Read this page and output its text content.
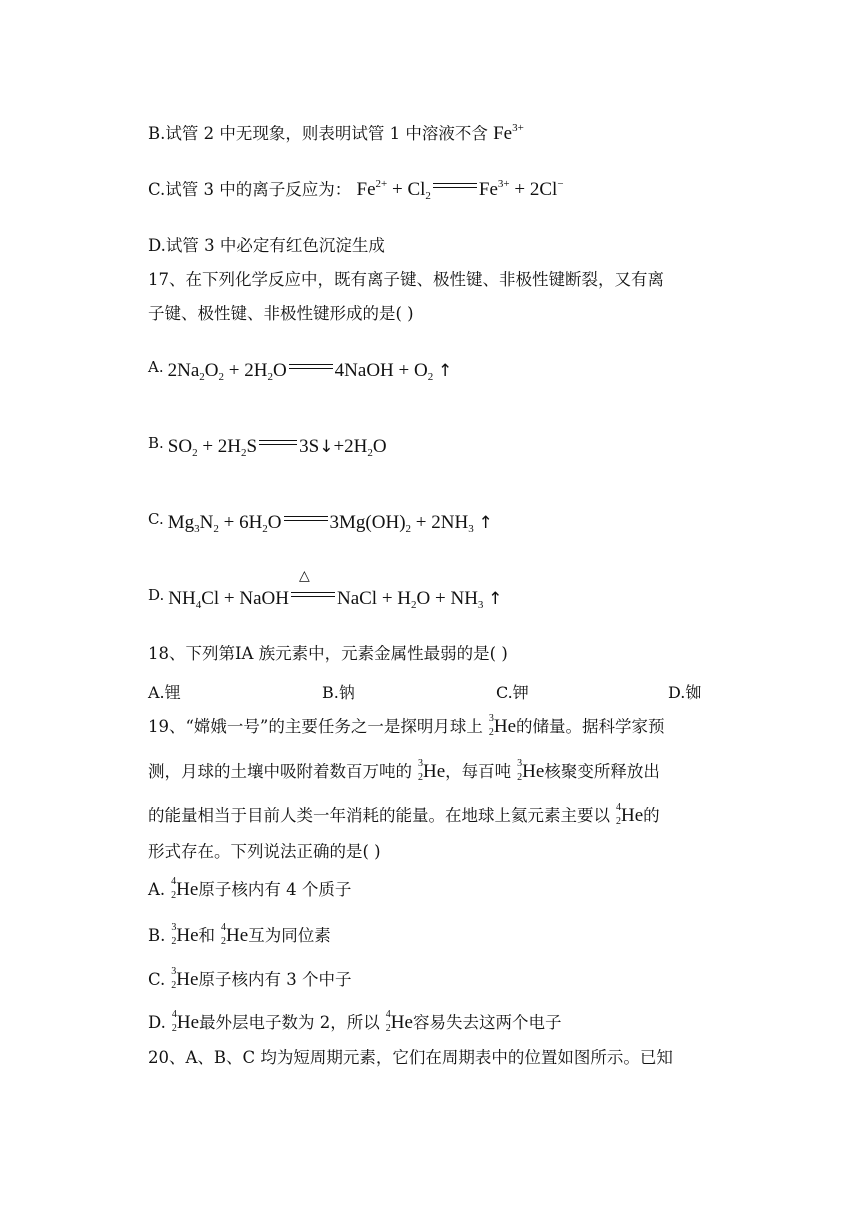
B.试管 2 中无现象，则表明试管 1 中溶液不含 $Fe^{3+}$
C.试管 3 中的离子反应为： $Fe^{2+} + Cl_2$	$Fe^{3+} + 2Cl^-$
D.试管 3 中必定有红色沉淀生成
17、在下列化学反应中，既有离子键、极性键、非极性键断裂，又有离
子键、极性键、非极性键形成的是( )
A. $2Na_2O_2 + 2H_2O$	4NaOH + $O_2$ ↑
B. $SO_2 + 2H_2S$ $3S↓+2H_2O$
C. $Mg_3N_2 + 6H_2O$	$3Mg(OH)_2 + 2NH_3$ ↑
D. $NH_4Cl$ + NaOH
△
NaCl + $H_2O + NH_3$ ↑
18、下列第IA 族元素中，元素金属性最弱的是( )
A.锂	B.钠	C.钾	D.铷
19、“嫦娥一号”的主要任务之一是探明月球上 3
2 He的储量。据科学家预
测，月球的土壤中吸附着数百万吨的 3
2 He，每百吨 3
2 He核聚变所释放出
的能量相当于目前人类一年消耗的能量。在地球上氦元素主要以 4
2 He的
形式存在。下列说法正确的是( )
A. 4
2 He原子核内有 4 个质子
B. 3
2 He和 4
2 He互为同位素
C. 3
2 He原子核内有 3 个中子
D. 4
2 He最外层电子数为 2，所以 4
2 He容易失去这两个电子
20、A、B、C 均为短周期元素，它们在周期表中的位置如图所示。已知
